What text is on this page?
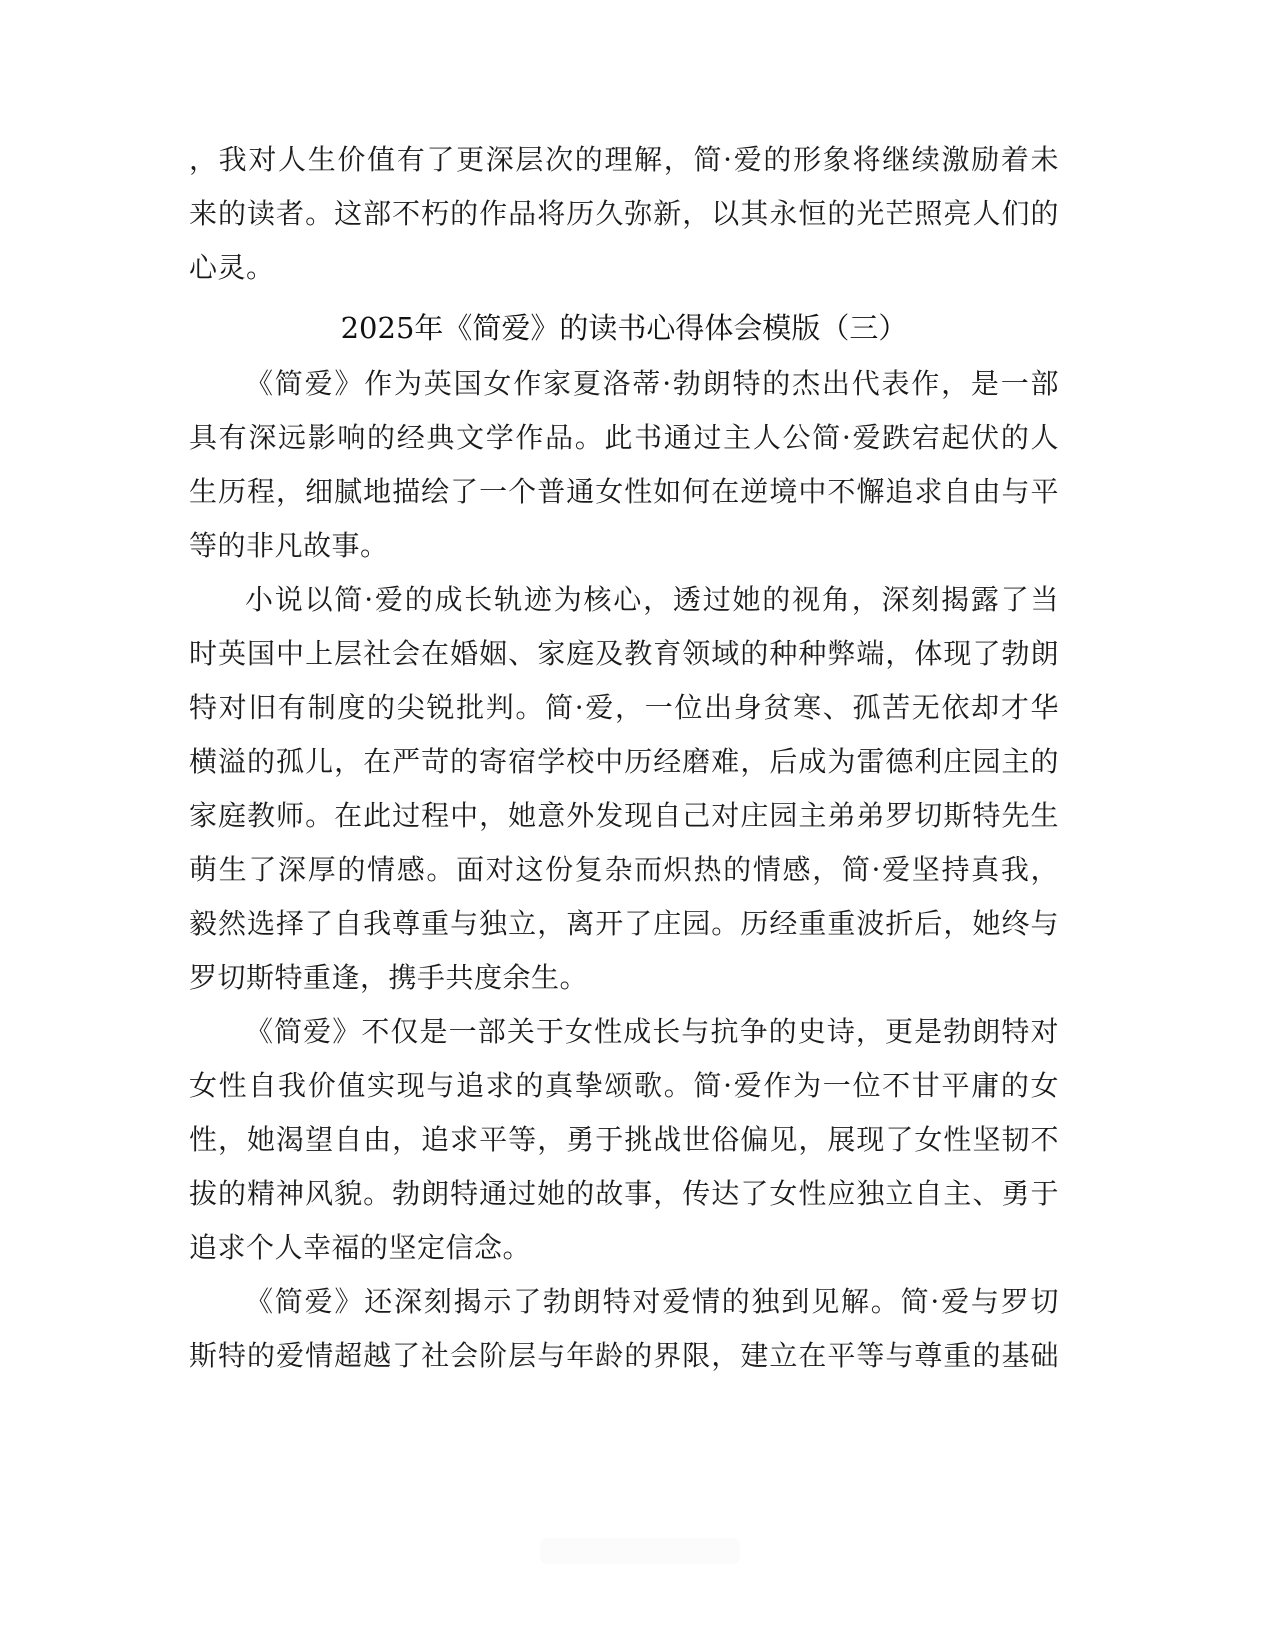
，我对人生价值有了更深层次的理解，简·爱的形象将继续激励着未
来的读者。这部不朽的作品将历久弥新，以其永恒的光芒照亮人们的
心灵。
2025年《简爱》的读书心得体会模版（三）
《简爱》作为英国女作家夏洛蒂·勃朗特的杰出代表作，是一部
具有深远影响的经典文学作品。此书通过主人公简·爱跌宕起伏的人
生历程，细腻地描绘了一个普通女性如何在逆境中不懈追求自由与平
等的非凡故事。
小说以简·爱的成长轨迹为核心，透过她的视角，深刻揭露了当
时英国中上层社会在婚姻、家庭及教育领域的种种弊端，体现了勃朗
特对旧有制度的尖锐批判。简·爱，一位出身贫寒、孤苦无依却才华
横溢的孤儿，在严苛的寄宿学校中历经磨难，后成为雷德利庄园主的
家庭教师。在此过程中，她意外发现自己对庄园主弟弟罗切斯特先生
萌生了深厚的情感。面对这份复杂而炽热的情感，简·爱坚持真我，
毅然选择了自我尊重与独立，离开了庄园。历经重重波折后，她终与
罗切斯特重逢，携手共度余生。
《简爱》不仅是一部关于女性成长与抗争的史诗，更是勃朗特对
女性自我价值实现与追求的真挚颂歌。简·爱作为一位不甘平庸的女
性，她渴望自由，追求平等，勇于挑战世俗偏见，展现了女性坚韧不
拔的精神风貌。勃朗特通过她的故事，传达了女性应独立自主、勇于
追求个人幸福的坚定信念。
《简爱》还深刻揭示了勃朗特对爱情的独到见解。简·爱与罗切
斯特的爱情超越了社会阶层与年龄的界限，建立在平等与尊重的基础
